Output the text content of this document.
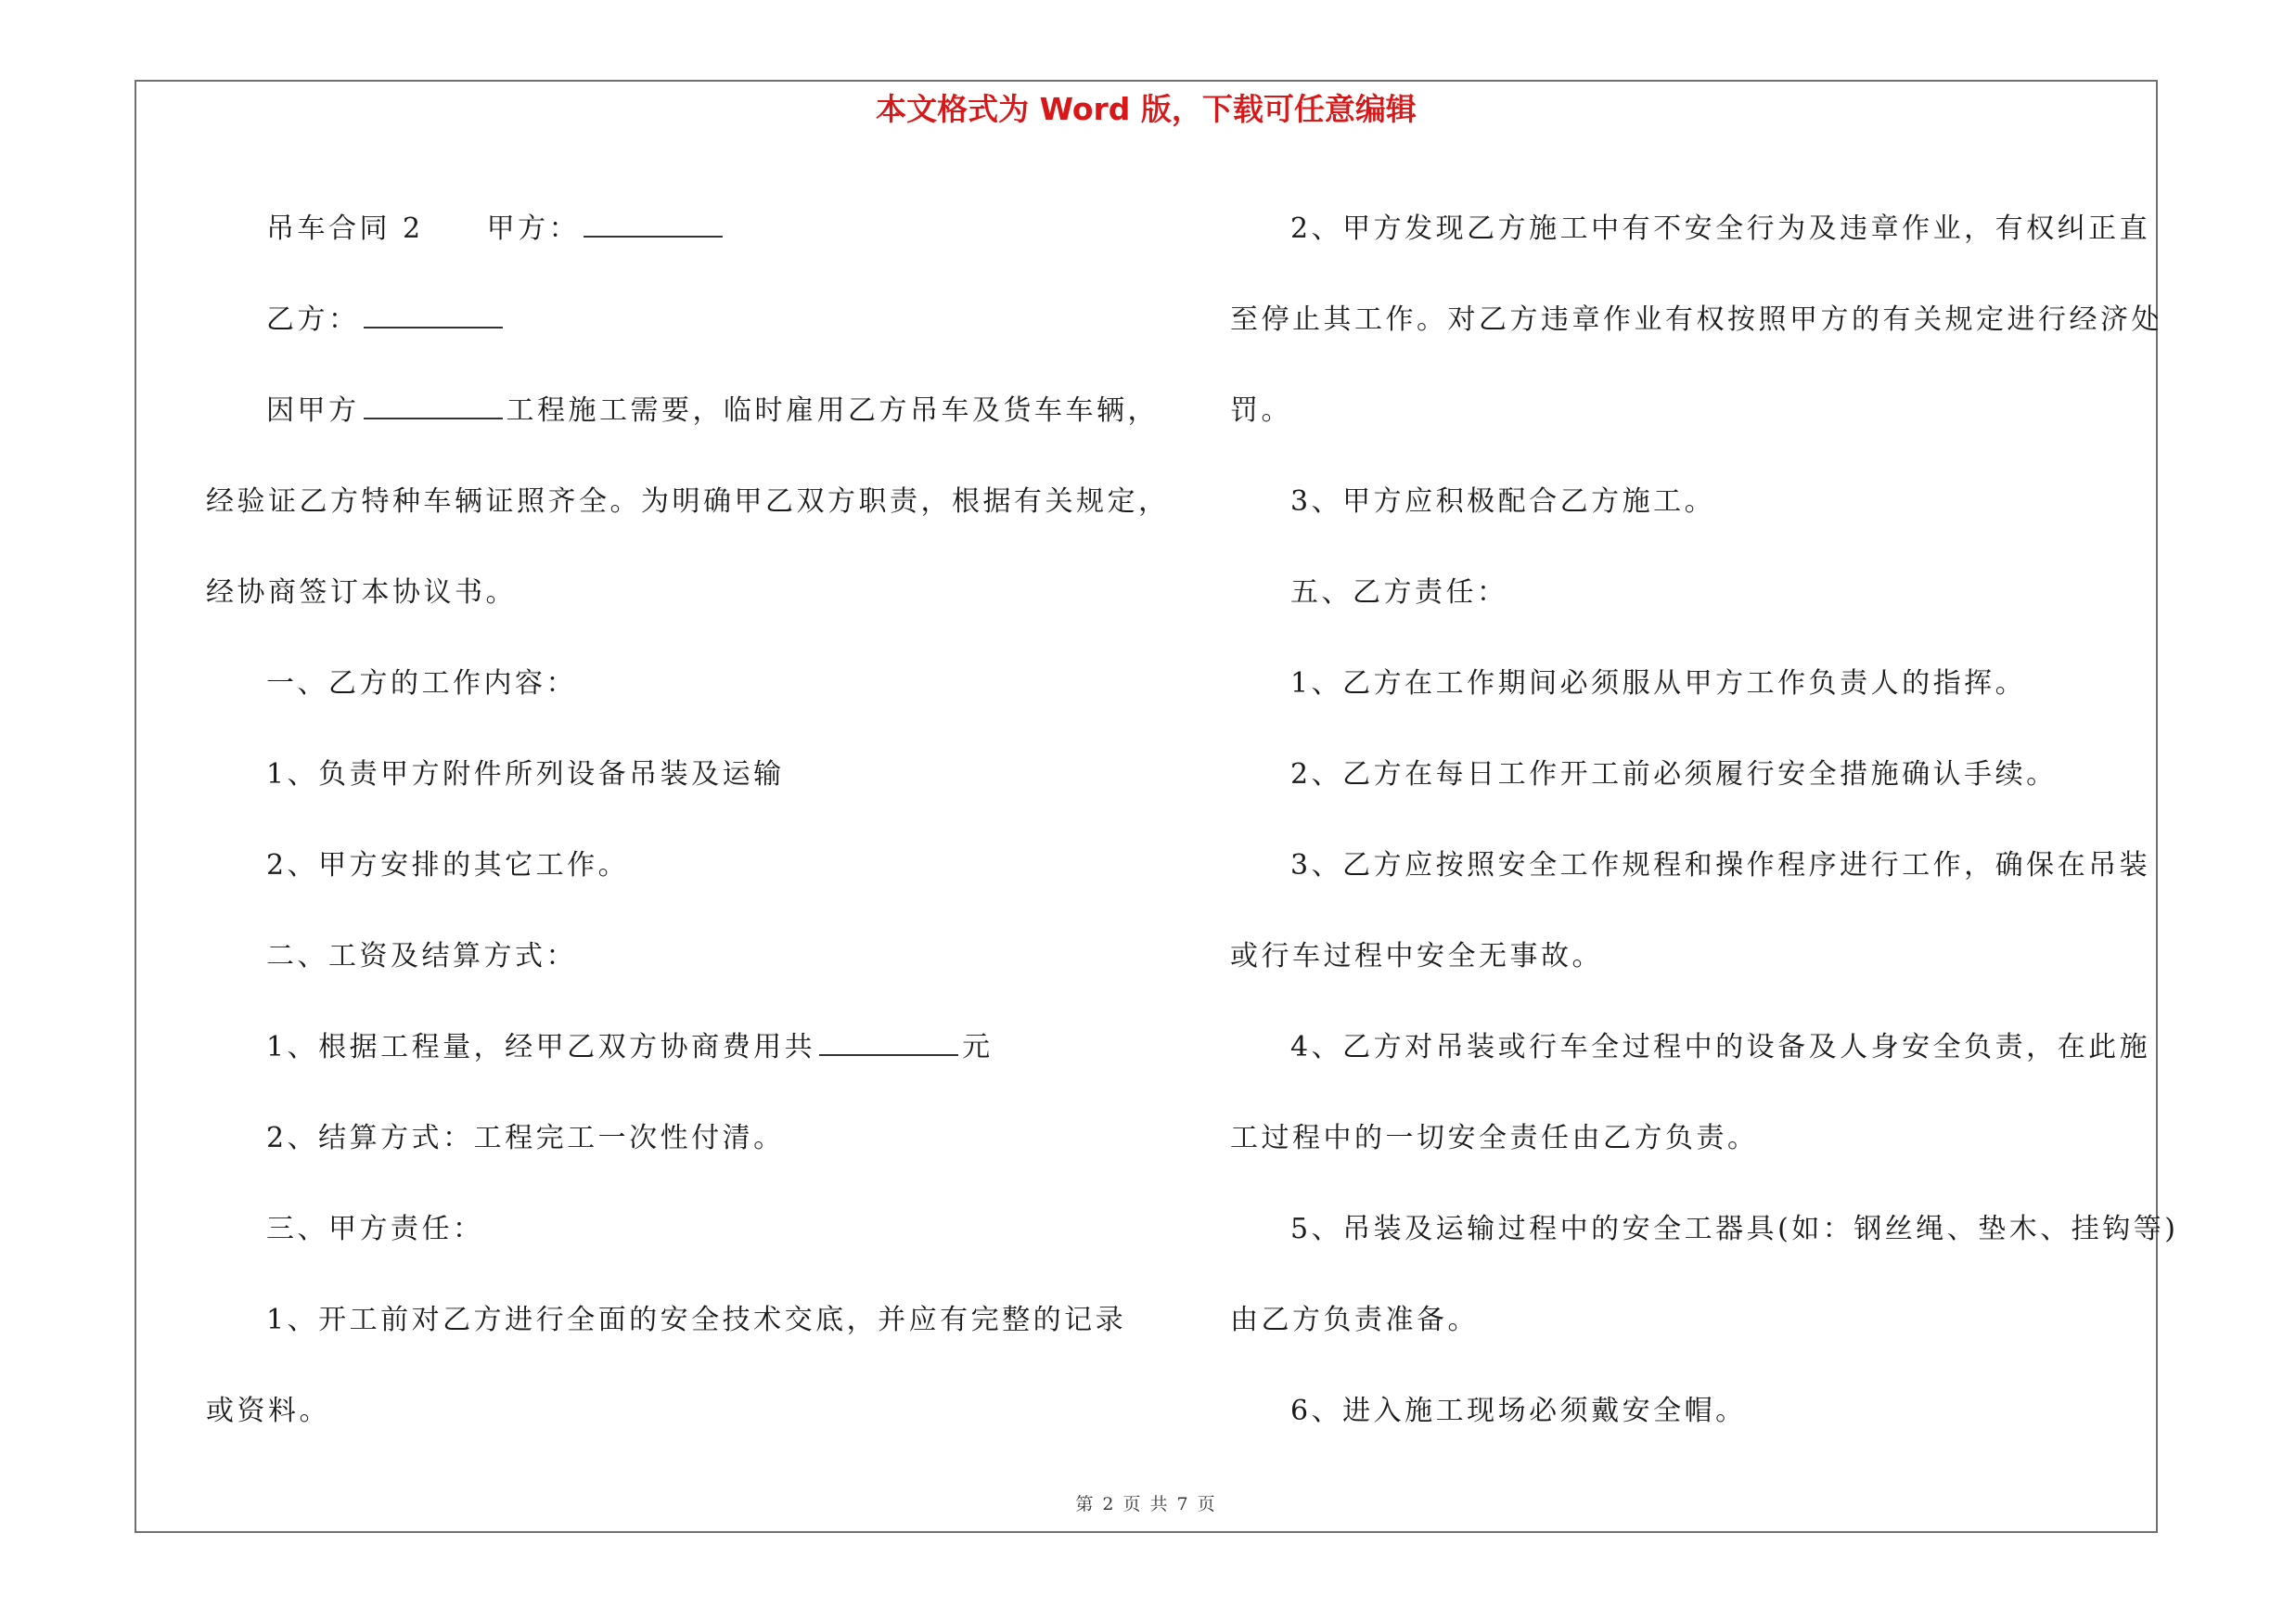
本文格式为 Word 版，下载可任意编辑

吊车合同 2 甲方：

乙方：

因甲方	工程施工需要，临时雇用乙方吊车及货车车辆，

经验证乙方特种车辆证照齐全。为明确甲乙双方职责，根据有关规定，

经协商签订本协议书。

一、乙方的工作内容：

1、负责甲方附件所列设备吊装及运输

2、甲方安排的其它工作。

二、工资及结算方式：

1、根据工程量，经甲乙双方协商费用共	元

2、结算方式：工程完工一次性付清。

三、甲方责任：

1、开工前对乙方进行全面的安全技术交底，并应有完整的记录

或资料。

2、甲方发现乙方施工中有不安全行为及违章作业，有权纠正直

至停止其工作。对乙方违章作业有权按照甲方的有关规定进行经济处

罚。

3、甲方应积极配合乙方施工。

五、乙方责任：

1、乙方在工作期间必须服从甲方工作负责人的指挥。

2、乙方在每日工作开工前必须履行安全措施确认手续。

3、乙方应按照安全工作规程和操作程序进行工作，确保在吊装

或行车过程中安全无事故。

4、乙方对吊装或行车全过程中的设备及人身安全负责，在此施

工过程中的一切安全责任由乙方负责。

5、吊装及运输过程中的安全工器具(如：钢丝绳、垫木、挂钩等)

由乙方负责准备。

6、进入施工现场必须戴安全帽。

第 2 页 共 7 页
